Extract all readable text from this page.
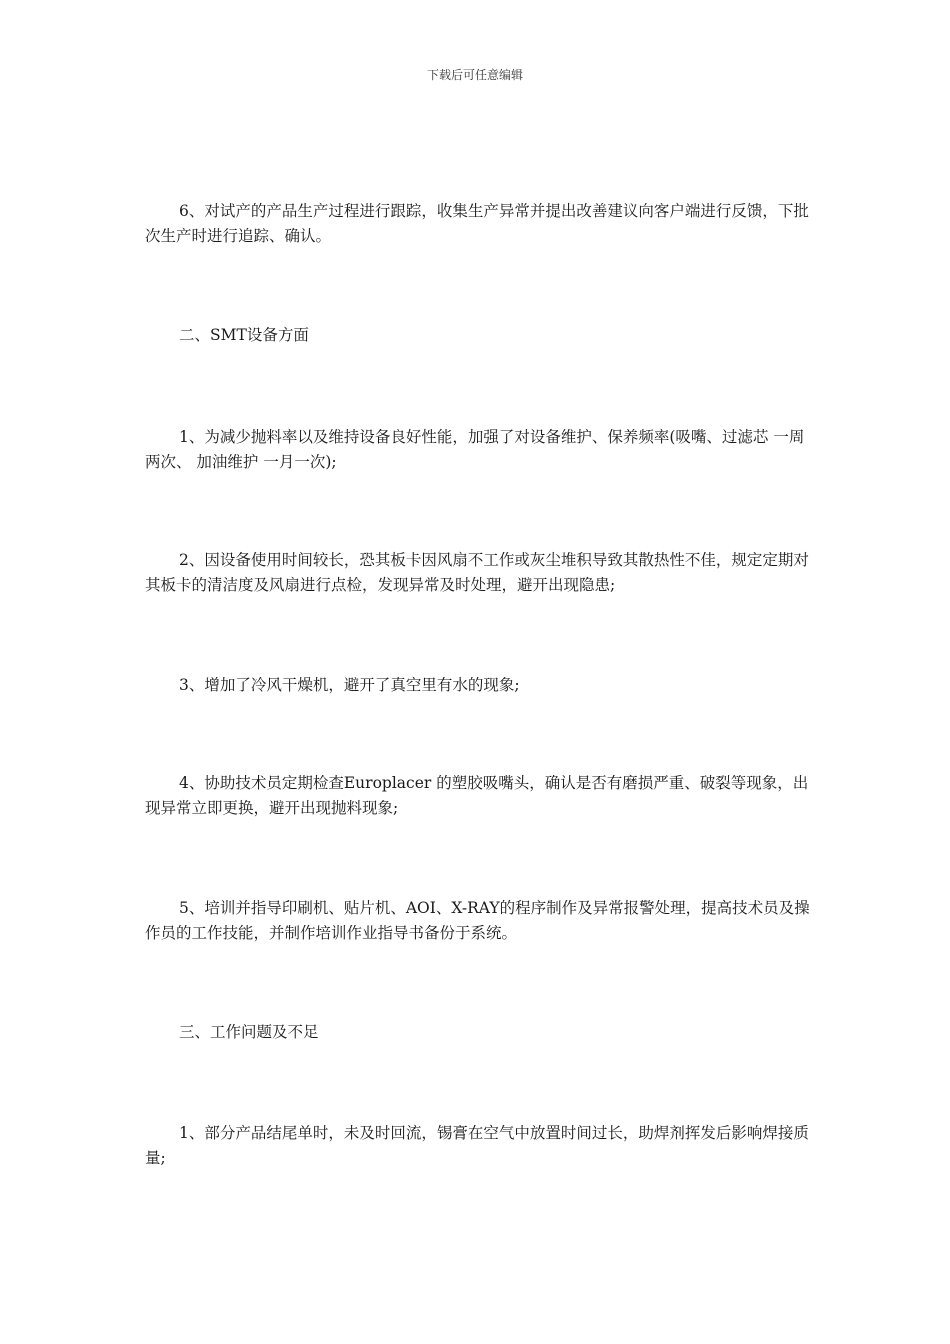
下载后可任意编辑

6、对试产的产品生产过程进行跟踪，收集生产异常并提出改善建议向客户端进行反馈，下批次生产时进行追踪、确认。

二、SMT设备方面

1、为减少抛料率以及维持设备良好性能，加强了对设备维护、保养频率(吸嘴、过滤芯 一周两次、 加油维护 一月一次);

2、因设备使用时间较长，恐其板卡因风扇不工作或灰尘堆积导致其散热性不佳，规定定期对其板卡的清洁度及风扇进行点检，发现异常及时处理，避开出现隐患;

3、增加了冷风干燥机，避开了真空里有水的现象;

4、协助技术员定期检查Europlacer 的塑胶吸嘴头，确认是否有磨损严重、破裂等现象，出现异常立即更换，避开出现抛料现象;

5、培训并指导印刷机、贴片机、AOI、X-RAY的程序制作及异常报警处理，提高技术员及操作员的工作技能，并制作培训作业指导书备份于系统。

三、工作问题及不足

1、部分产品结尾单时，未及时回流，锡膏在空气中放置时间过长，助焊剂挥发后影响焊接质量;
